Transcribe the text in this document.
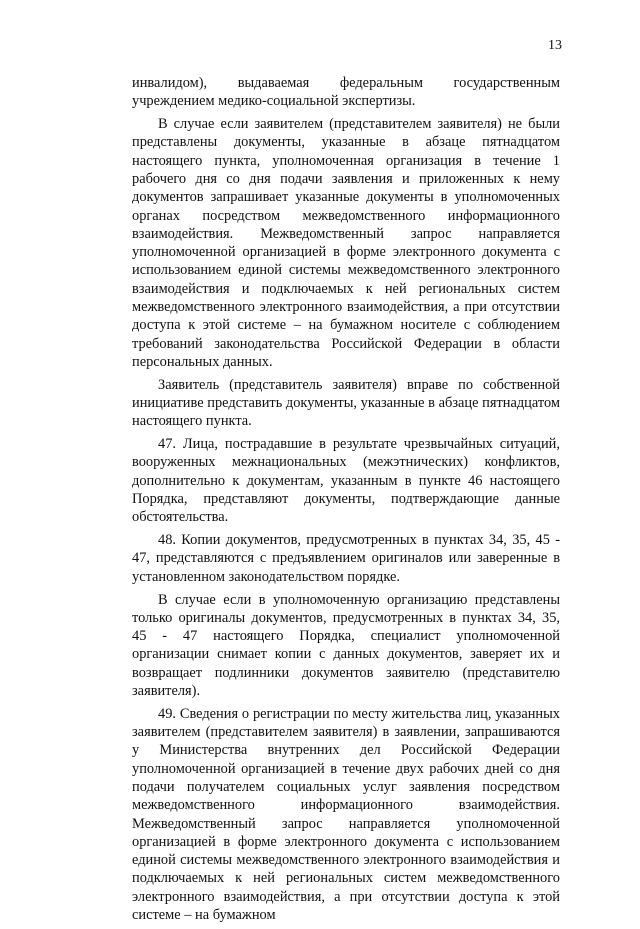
13

инвалидом), выдаваемая федеральным государственным учреждением медико-социальной экспертизы.

В случае если заявителем (представителем заявителя) не были представлены документы, указанные в абзаце пятнадцатом настоящего пункта, уполномоченная организация в течение 1 рабочего дня со дня подачи заявления и приложенных к нему документов запрашивает указанные документы в уполномоченных органах посредством межведомственного информационного взаимодействия. Межведомственный запрос направляется уполномоченной организацией в форме электронного документа с использованием единой системы межведомственного электронного взаимодействия и подключаемых к ней региональных систем межведомственного электронного взаимодействия, а при отсутствии доступа к этой системе – на бумажном носителе с соблюдением требований законодательства Российской Федерации в области персональных данных.

Заявитель (представитель заявителя) вправе по собственной инициативе представить документы, указанные в абзаце пятнадцатом настоящего пункта.

47. Лица, пострадавшие в результате чрезвычайных ситуаций, вооруженных межнациональных (межэтнических) конфликтов, дополнительно к документам, указанным в пункте 46 настоящего Порядка, представляют документы, подтверждающие данные обстоятельства.

48. Копии документов, предусмотренных в пунктах 34, 35, 45 - 47, представляются с предъявлением оригиналов или заверенные в установленном законодательством порядке.

В случае если в уполномоченную организацию представлены только оригиналы документов, предусмотренных в пунктах 34, 35, 45 - 47 настоящего Порядка, специалист уполномоченной организации снимает копии с данных документов, заверяет их и возвращает подлинники документов заявителю (представителю заявителя).

49. Сведения о регистрации по месту жительства лиц, указанных заявителем (представителем заявителя) в заявлении, запрашиваются у Министерства внутренних дел Российской Федерации уполномоченной организацией в течение двух рабочих дней со дня подачи получателем социальных услуг заявления посредством межведомственного информационного взаимодействия. Межведомственный запрос направляется уполномоченной организацией в форме электронного документа с использованием единой системы межведомственного электронного взаимодействия и подключаемых к ней региональных систем межведомственного электронного взаимодействия, а при отсутствии доступа к этой системе – на бумажном
